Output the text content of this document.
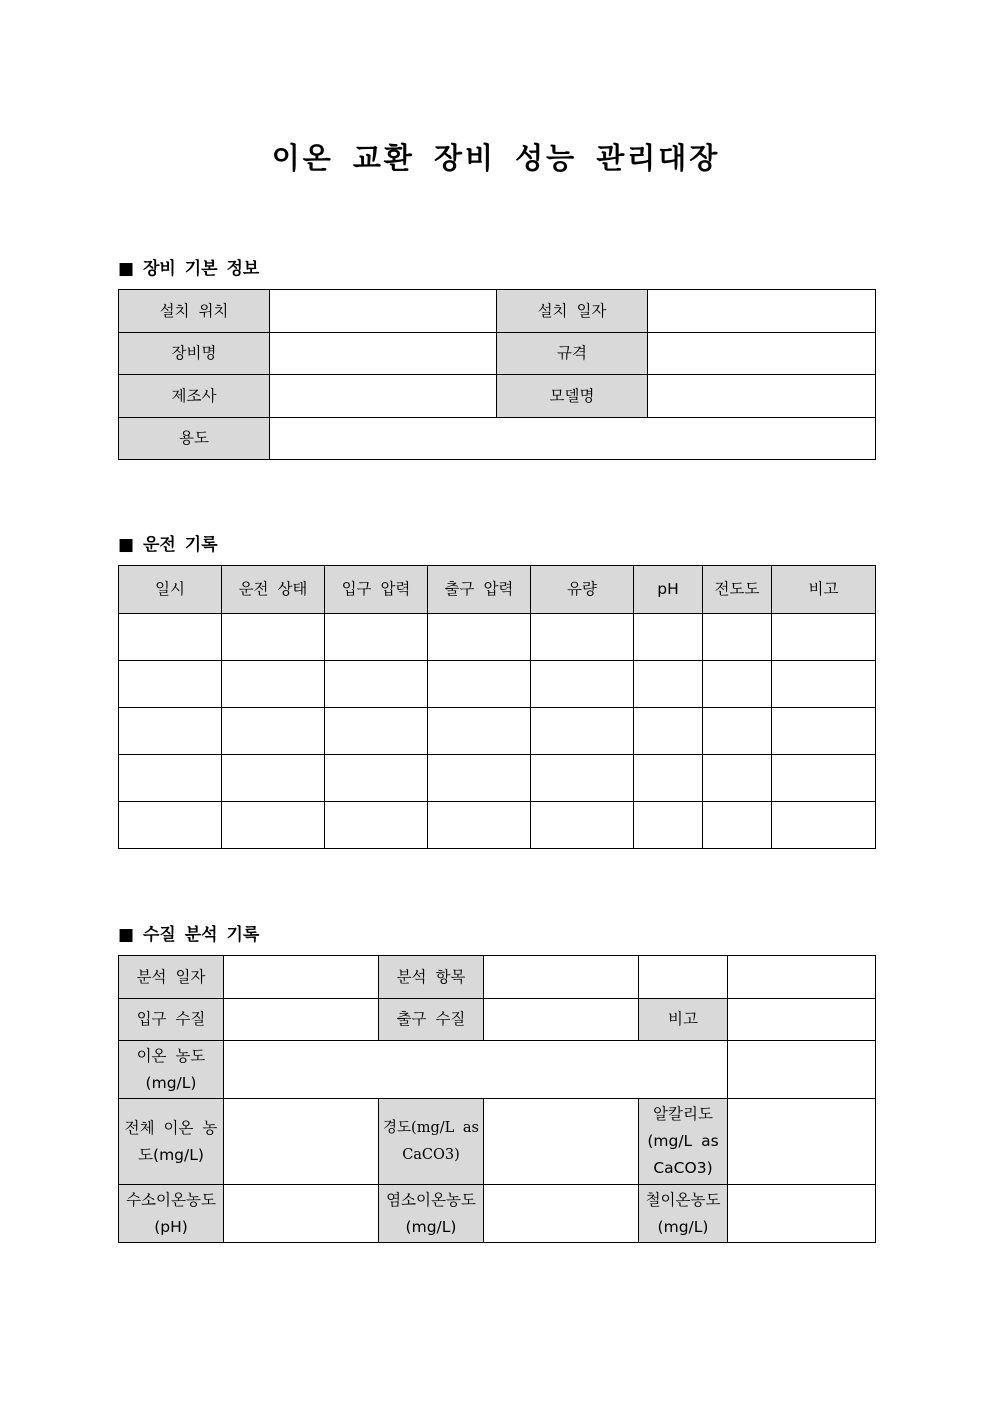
이온 교환 장비 성능 관리대장

■ 장비 기본 정보

설치 위치		설치 일자	
장비명		규격	
제조사		모델명	
용도			

■ 운전 기록

일시	운전 상태	입구 압력	출구 압력	유량	pH	전도도	비고

■ 수질 분석 기록

분석 일자		분석 항목			
입구 수질		출구 수질		비고	
이온 농도(mg/L)					
전체 이온 농도(mg/L)		경도(mg/L as CaCO3)		알칼리도 (mg/L as CaCO3)	
수소이온농도(pH)		염소이온농도(mg/L)		철이온농도(mg/L)	
